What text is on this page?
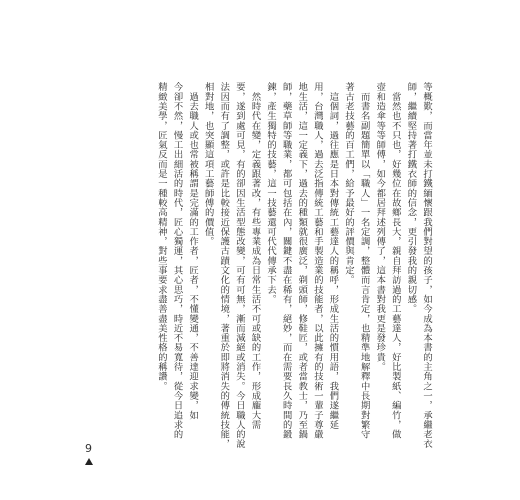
等概歎，而當年並未打鐵緬懷跟我們對望的孩子，如今成為本書的主角之一，承繼老衣
師，繼續堅持著打鐵衣師的信念，更引發我的親切感。
　當然也不只也，好幾位在故鄉長大，親自拜訪過的工藝達人，好比製紙、編竹，做
壺和造傘等等師傅，如今都居拜述列傳了，這本書對我更是發珍貴。
　而書名副題簡單以「職人」一名定調，整體而言肯定，也精準地解釋中長期對繁守
著古老技藝的百工們，給予最好的評價與肯定。
　這個詞，過往應是日本對傳統工藝達人的稱呼，形成生活的慣用語，我們遂繼延
用，台灣職人，過去泛指傳統工藝和手製造業的技能者，以此擁有的技術一輩子尊嚴
地生活，這一定義下，過去的種類就很廣泛，剃頭師，修鞋匠，或者當教士，乃至鍋
師，藥草師等職業，都可包括在內，關鍵不盡在稀有，絕妙，而在需要長久時間的鍛
鍊，產生獨特的技藝，這一技藝還可代代傳承下去。
　然時代在變，定義跟著改，有些專業成為日常生活不可或缺的工作，形成龐大需
要，遂到處可見，有的卻因生活型態改變，可有可無，漸而減絕或消失。今日職人的說
法因而有了調整，或許是比較接近保護古蹟文化的情境，著重於即將消失的傳統技能，
相對地，也突顯這項工藝師傅的價值。
　過去職人或也常被稱謂是完滿的工作者，匠者，不懂變通，不善達迎求變，如
今卻不然，慢工出細活的時代，匠心獨運，其心思巧，時近不易寬待，從今日追求的
精緻美學，匠氣反而是一種較高精神，對些事要求盡善盡美性格的稱讚。
9
